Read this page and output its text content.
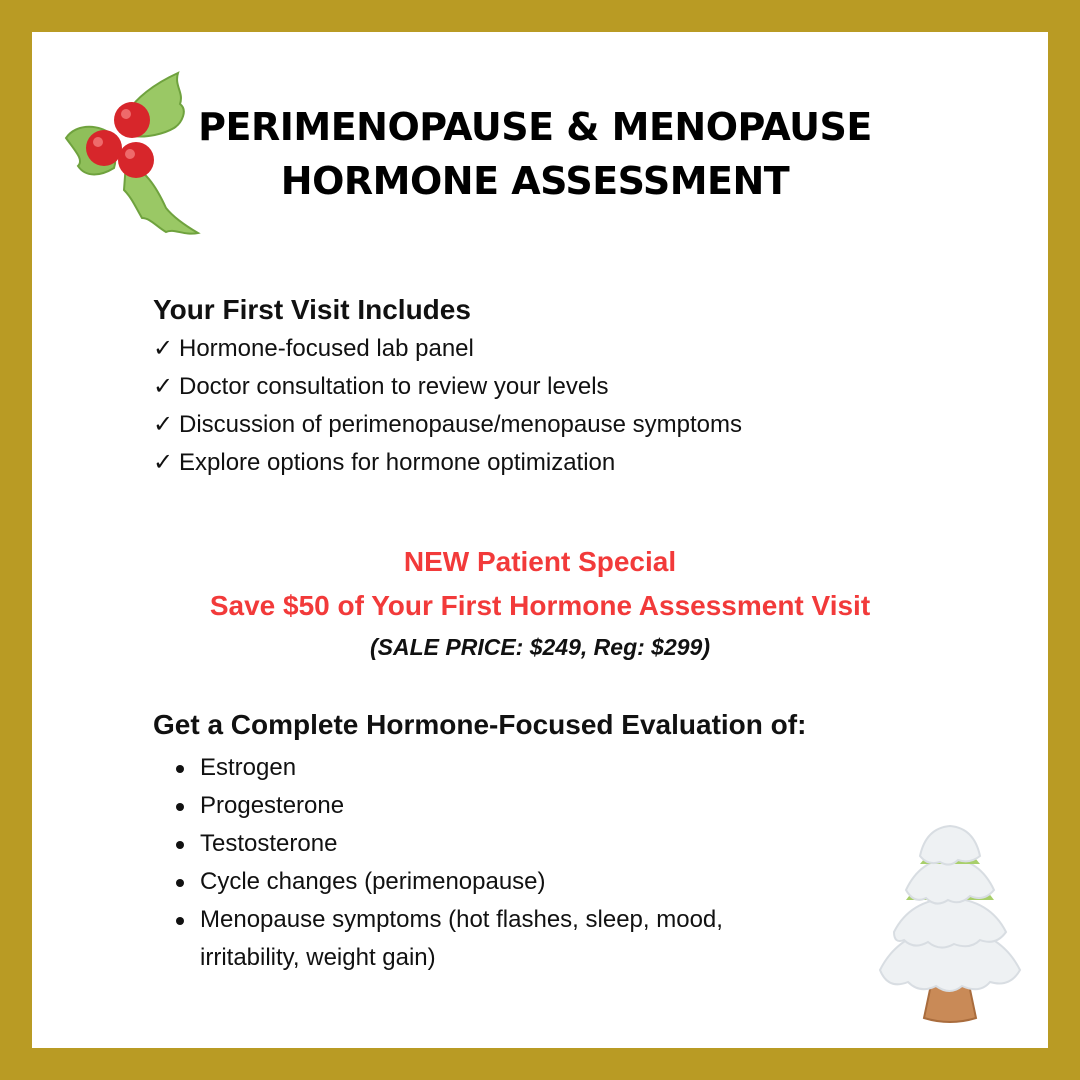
PERIMENOPAUSE & MENOPAUSE
HORMONE ASSESSMENT
Your First Visit Includes
✓ Hormone-focused lab panel
✓ Doctor consultation to review your levels
✓ Discussion of perimenopause/menopause symptoms
✓ Explore options for hormone optimization
NEW Patient Special
Save $50 of Your First Hormone Assessment Visit
(SALE PRICE: $249, Reg: $299)
Get a Complete Hormone-Focused Evaluation of:
Estrogen
Progesterone
Testosterone
Cycle changes (perimenopause)
Menopause symptoms (hot flashes, sleep, mood, irritability, weight gain)
